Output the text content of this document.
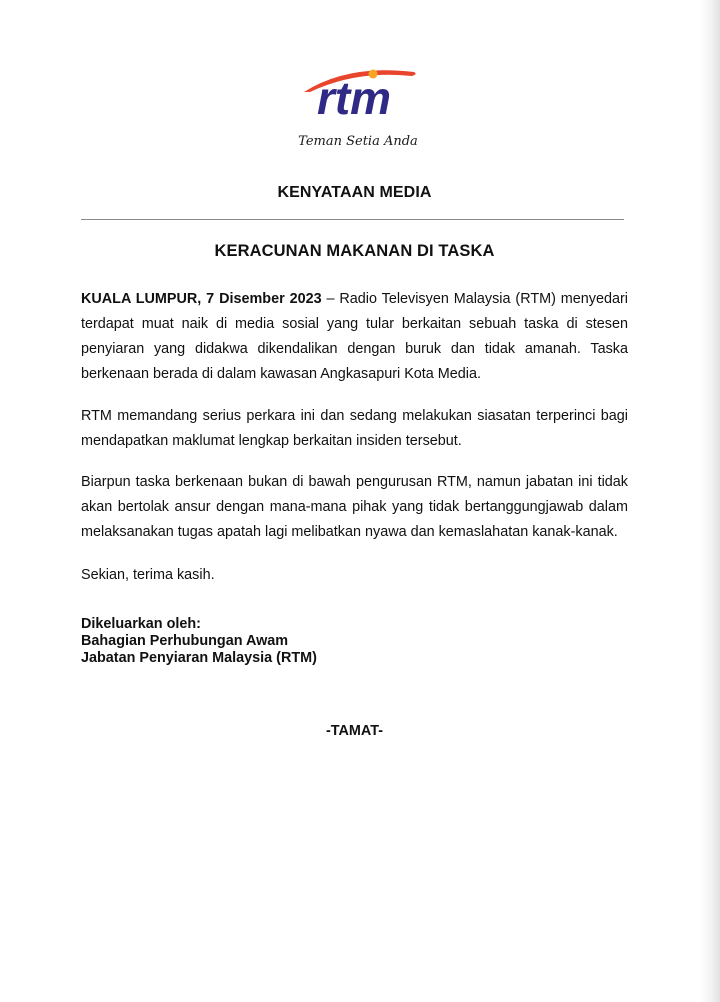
rtm
Teman Setia Anda
KENYATAAN MEDIA
KERACUNAN MAKANAN DI TASKA
KUALA LUMPUR, 7 Disember 2023 – Radio Televisyen Malaysia (RTM) menyedari terdapat muat naik di media sosial yang tular berkaitan sebuah taska di stesen penyiaran yang didakwa dikendalikan dengan buruk dan tidak amanah. Taska berkenaan berada di dalam kawasan Angkasapuri Kota Media.
RTM memandang serius perkara ini dan sedang melakukan siasatan terperinci bagi mendapatkan maklumat lengkap berkaitan insiden tersebut.
Biarpun taska berkenaan bukan di bawah pengurusan RTM, namun jabatan ini tidak akan bertolak ansur dengan mana-mana pihak yang tidak bertanggungjawab dalam melaksanakan tugas apatah lagi melibatkan nyawa dan kemaslahatan kanak-kanak.
Sekian, terima kasih.
Dikeluarkan oleh:
Bahagian Perhubungan Awam
Jabatan Penyiaran Malaysia (RTM)
-TAMAT-
